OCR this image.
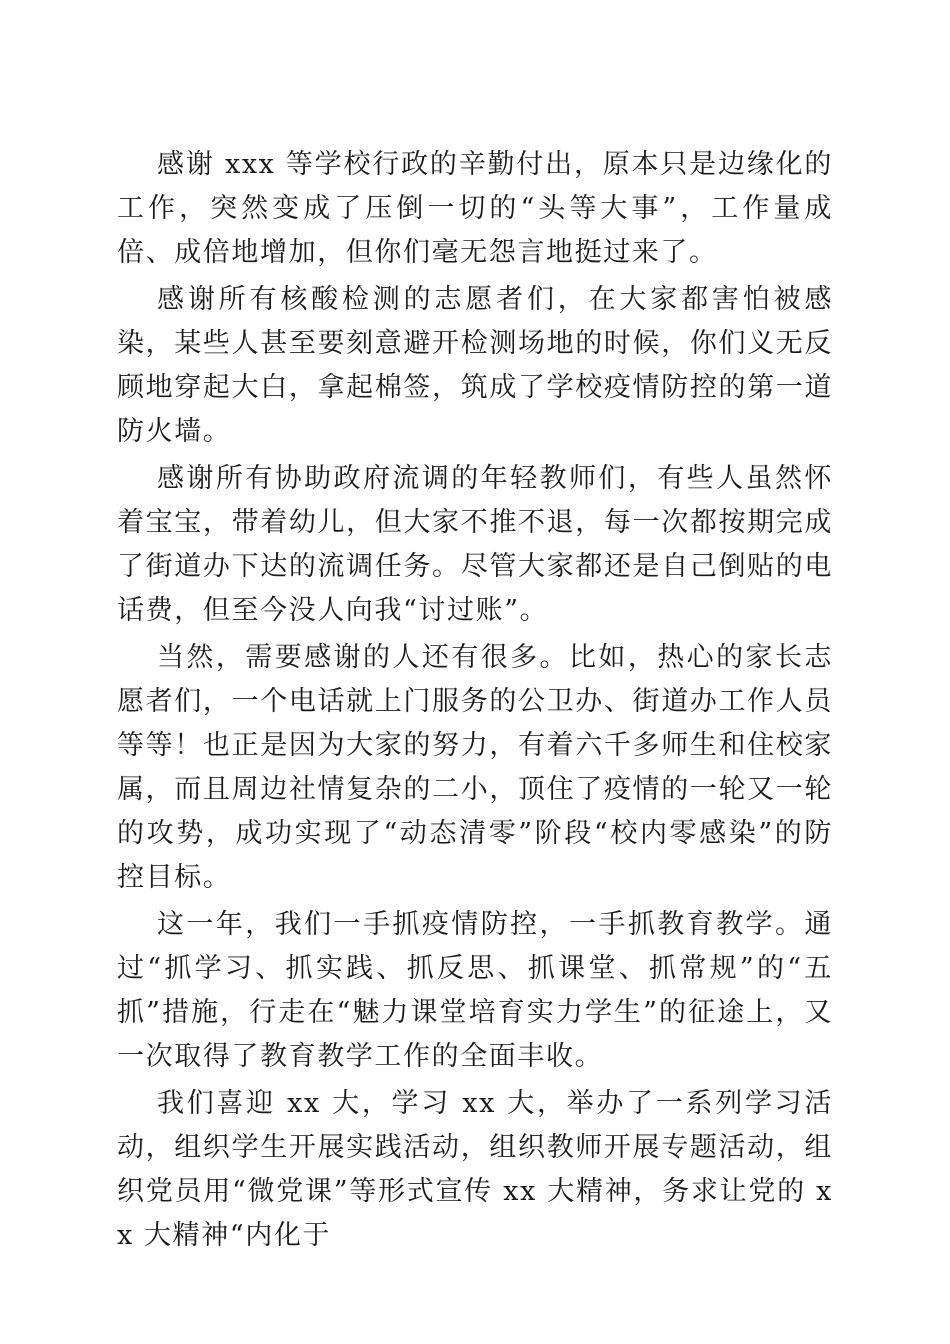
感谢 xxx 等学校行政的辛勤付出，原本只是边缘化的工作，突然变成了压倒一切的“头等大事”，工作量成倍、成倍地增加，但你们毫无怨言地挺过来了。

感谢所有核酸检测的志愿者们，在大家都害怕被感染，某些人甚至要刻意避开检测场地的时候，你们义无反顾地穿起大白，拿起棉签，筑成了学校疫情防控的第一道防火墙。

感谢所有协助政府流调的年轻教师们，有些人虽然怀着宝宝，带着幼儿，但大家不推不退，每一次都按期完成了街道办下达的流调任务。尽管大家都还是自己倒贴的电话费，但至今没人向我“讨过账”。

当然，需要感谢的人还有很多。比如，热心的家长志愿者们，一个电话就上门服务的公卫办、街道办工作人员等等！也正是因为大家的努力，有着六千多师生和住校家属，而且周边社情复杂的二小，顶住了疫情的一轮又一轮的攻势，成功实现了“动态清零”阶段“校内零感染”的防控目标。

这一年，我们一手抓疫情防控，一手抓教育教学。通过“抓学习、抓实践、抓反思、抓课堂、抓常规”的“五抓”措施，行走在“魅力课堂培育实力学生”的征途上，又一次取得了教育教学工作的全面丰收。

我们喜迎 xx 大，学习 xx 大，举办了一系列学习活动，组织学生开展实践活动，组织教师开展专题活动，组织党员用“微党课”等形式宣传 xx 大精神，务求让党的 xx 大精神“内化于
